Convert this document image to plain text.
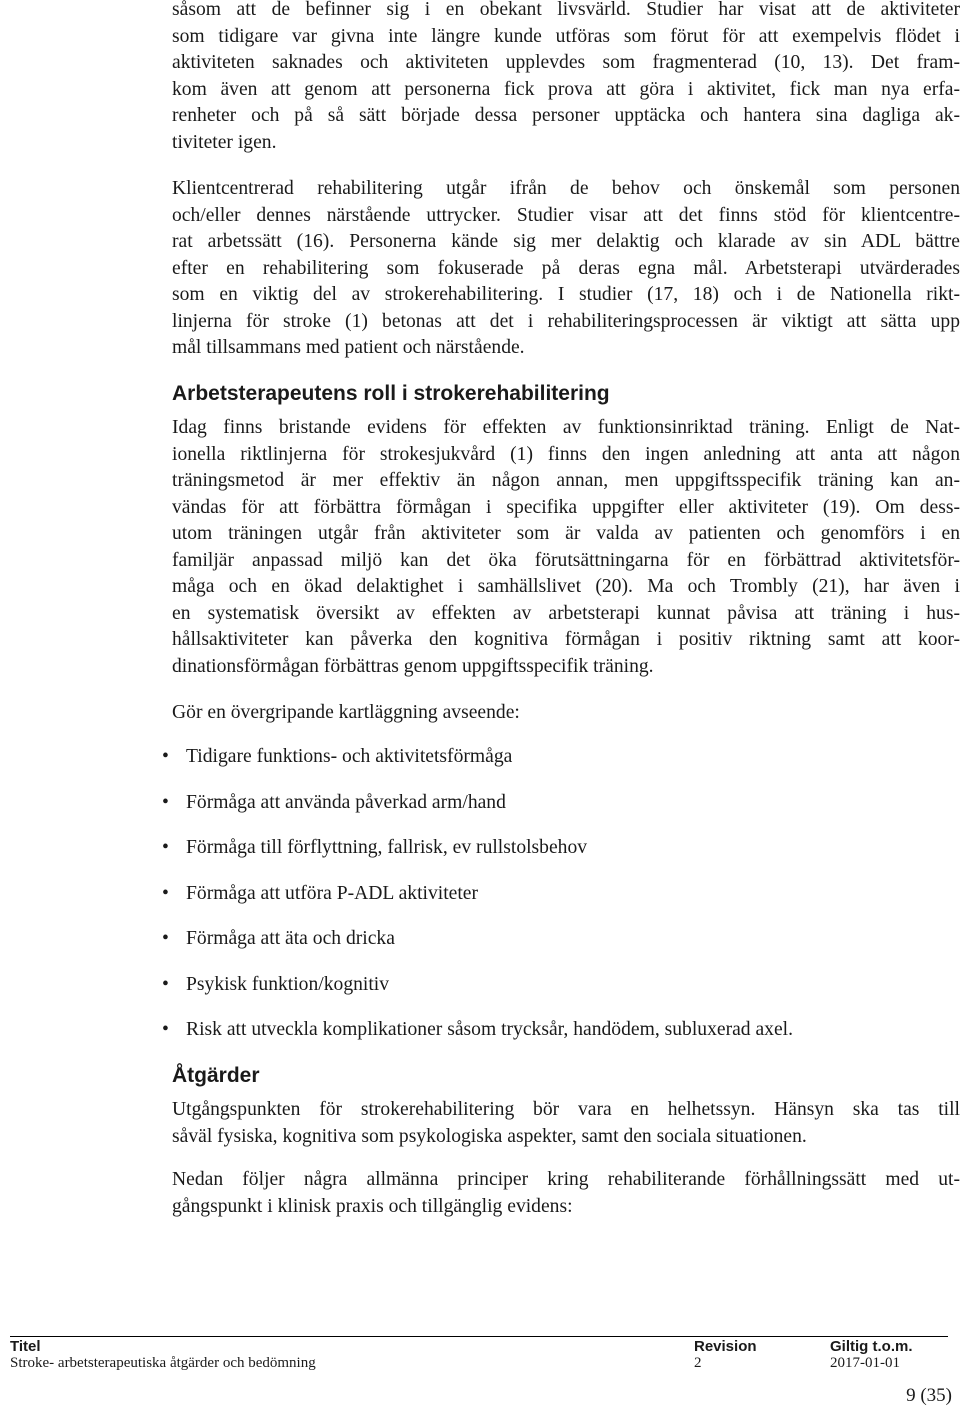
såsom att de befinner sig i en obekant livsvärld. Studier har visat att de aktiviteter
som tidigare var givna inte längre kunde utföras som förut för att exempelvis flödet i
aktiviteten saknades och aktiviteten upplevdes som fragmenterad (10, 13). Det fram-
kom även att genom att personerna fick prova att göra i aktivitet, fick man nya erfa-
renheter och på så sätt började dessa personer upptäcka och hantera sina dagliga ak-
tiviteter igen.
Klientcentrerad rehabilitering utgår ifrån de behov och önskemål som personen
och/eller dennes närstående uttrycker. Studier visar att det finns stöd för klientcentre-
rat arbetssätt (16). Personerna kände sig mer delaktig och klarade av sin ADL bättre
efter en rehabilitering som fokuserade på deras egna mål. Arbetsterapi utvärderades
som en viktig del av strokerehabilitering. I studier (17, 18) och i de Nationella rikt-
linjerna för stroke (1) betonas att det i rehabiliteringsprocessen är viktigt att sätta upp
mål tillsammans med patient och närstående.
Arbetsterapeutens roll i strokerehabilitering
Idag finns bristande evidens för effekten av funktionsinriktad träning. Enligt de Nat-
ionella riktlinjerna för strokesjukvård (1) finns den ingen anledning att anta att någon
träningsmetod är mer effektiv än någon annan, men uppgiftsspecifik träning kan an-
vändas för att förbättra förmågan i specifika uppgifter eller aktiviteter (19). Om dess-
utom träningen utgår från aktiviteter som är valda av patienten och genomförs i en
familjär anpassad miljö kan det öka förutsättningarna för en förbättrad aktivitetsför-
måga och en ökad delaktighet i samhällslivet (20). Ma och Trombly (21), har även i
en systematisk översikt av effekten av arbetsterapi kunnat påvisa att träning i hus-
hållsaktiviteter kan påverka den kognitiva förmågan i positiv riktning samt att koor-
dinationsförmågan förbättras genom uppgiftsspecifik träning.
Gör en övergripande kartläggning avseende:
• Tidigare funktions- och aktivitetsförmåga
• Förmåga att använda påverkad arm/hand
• Förmåga till förflyttning, fallrisk, ev rullstolsbehov
• Förmåga att utföra P-ADL aktiviteter
• Förmåga att äta och dricka
• Psykisk funktion/kognitiv
• Risk att utveckla komplikationer såsom trycksår, handödem, subluxerad axel.
Åtgärder
Utgångspunkten för strokerehabilitering bör vara en helhetssyn. Hänsyn ska tas till
såväl fysiska, kognitiva som psykologiska aspekter, samt den sociala situationen.
Nedan följer några allmänna principer kring rehabiliterande förhållningssätt med ut-
gångspunkt i klinisk praxis och tillgänglig evidens:
Titel
Stroke- arbetsterapeutiska åtgärder och bedömning
Revision
2
Giltig t.o.m.
2017-01-01
9 (35)
